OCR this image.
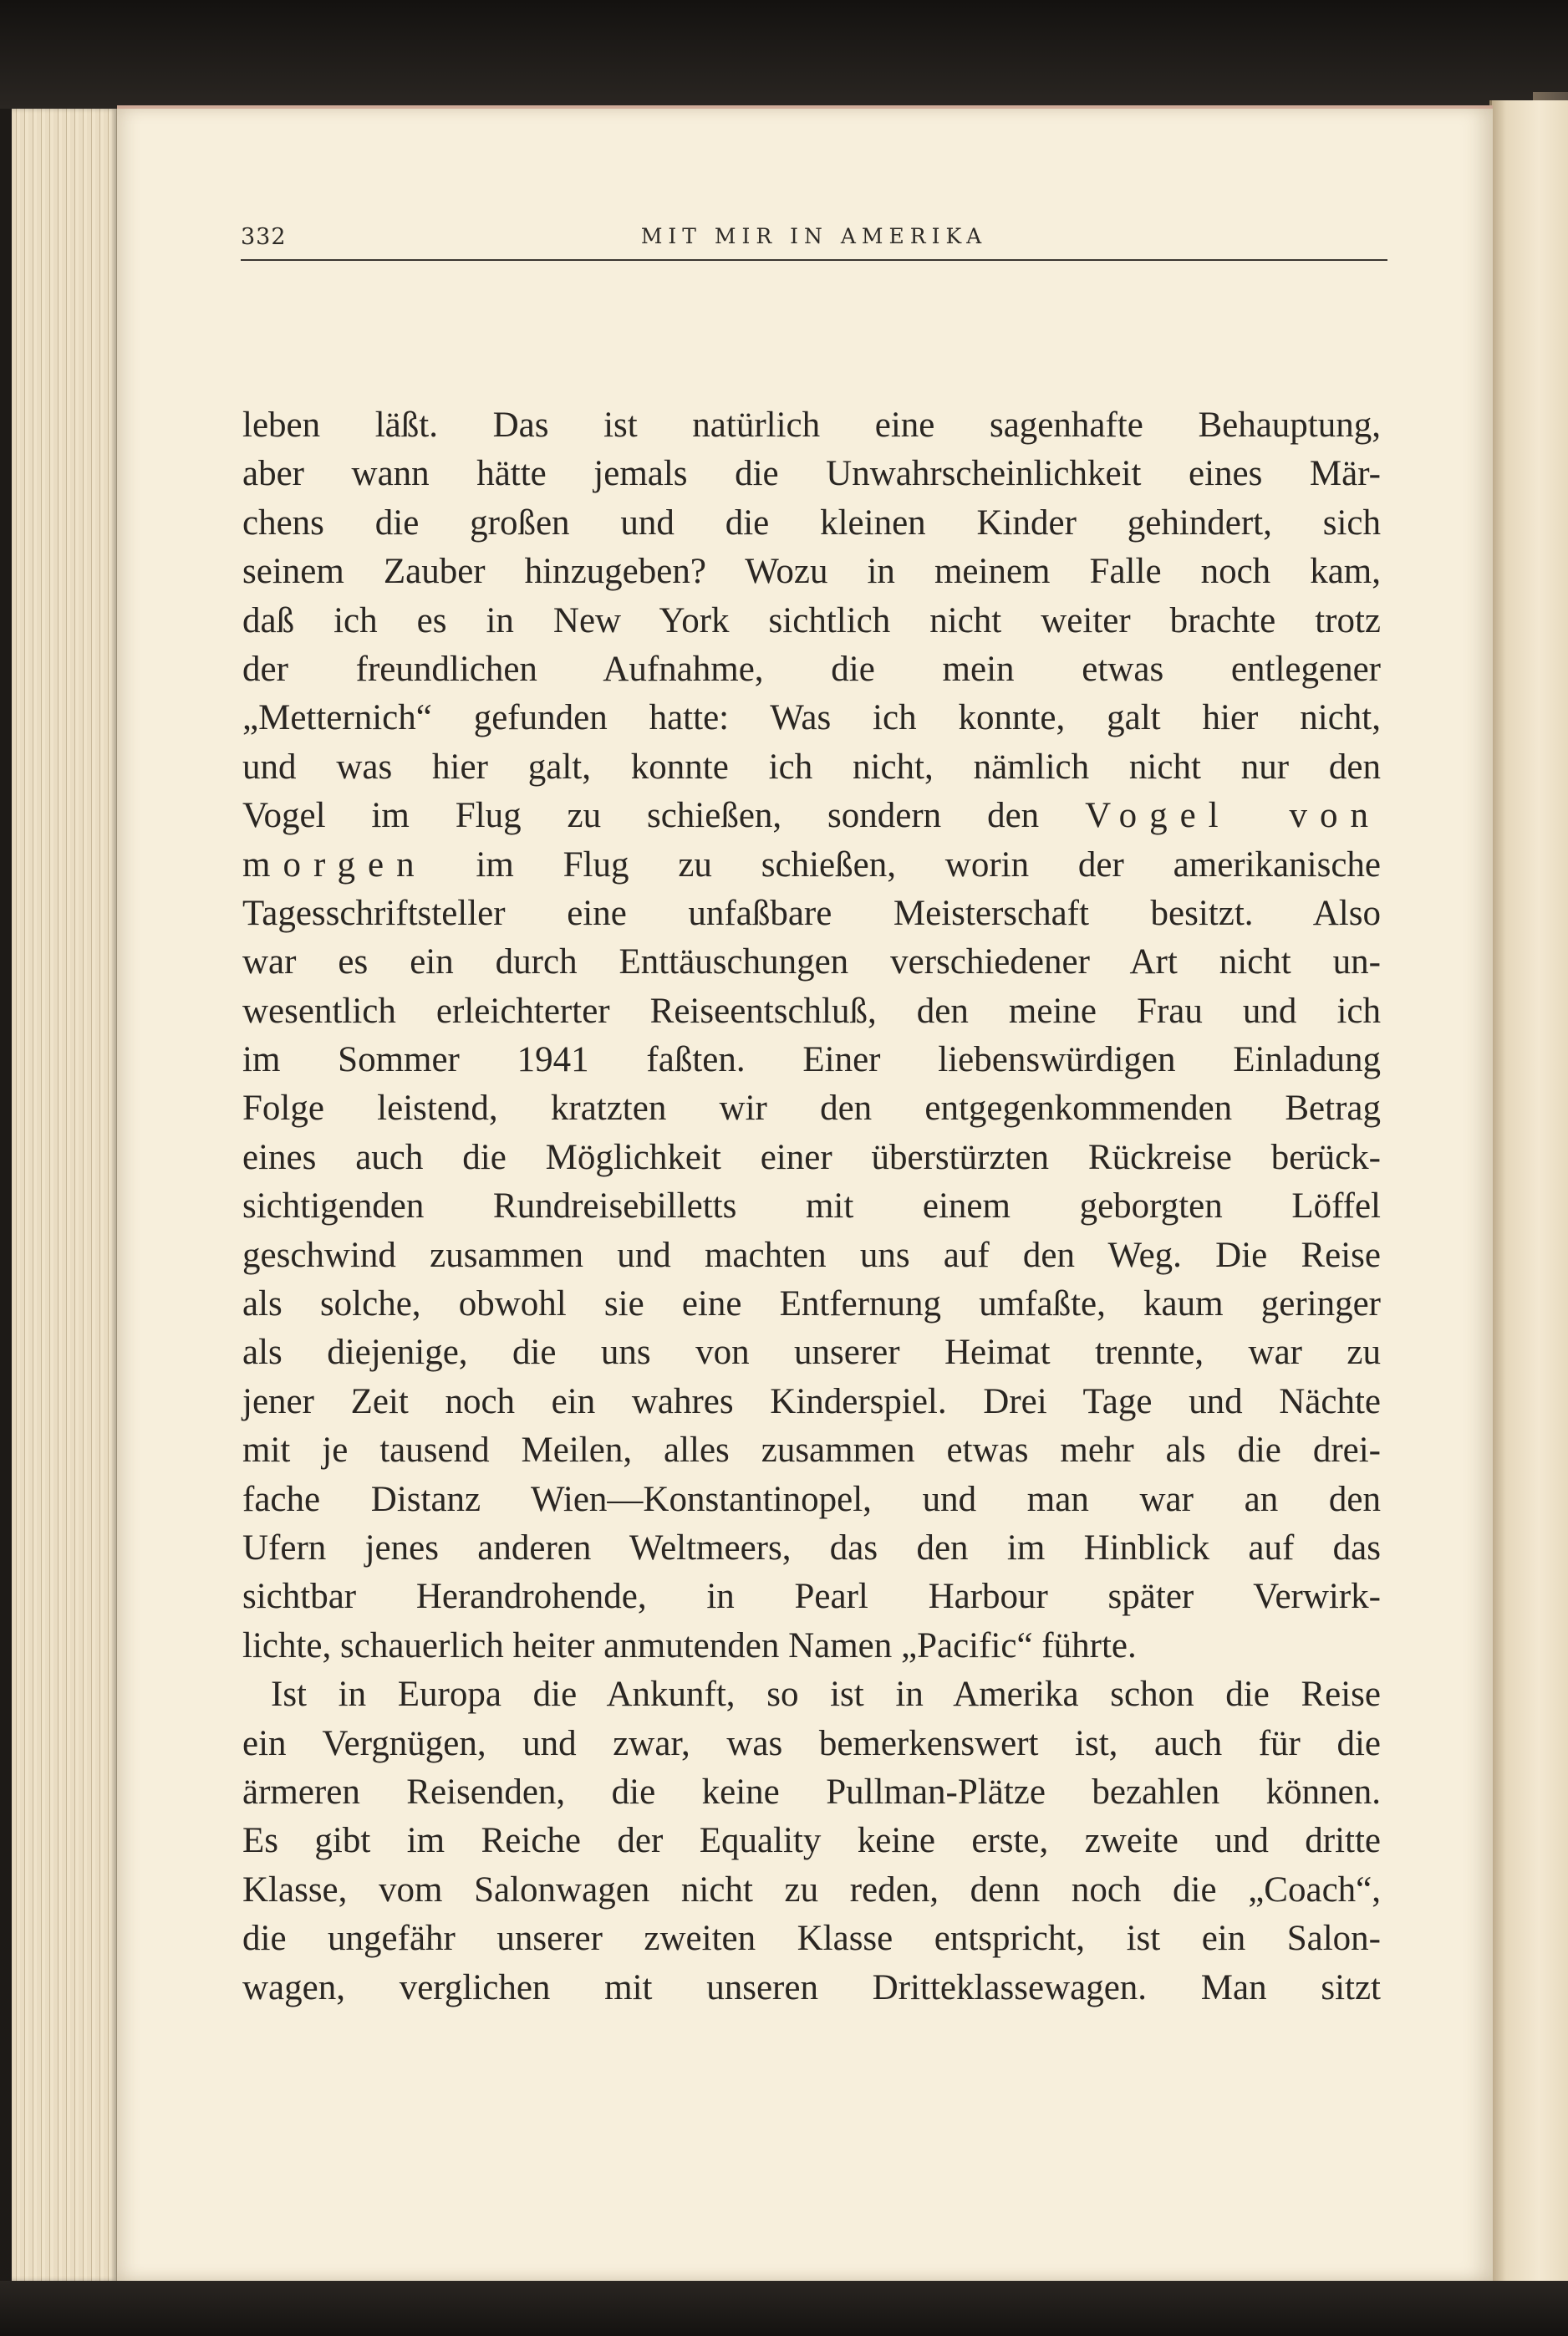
332	MIT MIR IN AMERIKA
leben läßt. Das ist natürlich eine sagenhafte Behauptung,
aber wann hätte jemals die Unwahrscheinlichkeit eines Mär-
chens die großen und die kleinen Kinder gehindert, sich
seinem Zauber hinzugeben? Wozu in meinem Falle noch kam,
daß ich es in New York sichtlich nicht weiter brachte trotz
der freundlichen Aufnahme, die mein etwas entlegener
„Metternich“ gefunden hatte: Was ich konnte, galt hier nicht,
und was hier galt, konnte ich nicht, nämlich nicht nur den
Vogel im Flug zu schießen, sondern den Vogel von
morgen im Flug zu schießen, worin der amerikanische
Tagesschriftsteller eine unfaßbare Meisterschaft besitzt. Also
war es ein durch Enttäuschungen verschiedener Art nicht un-
wesentlich erleichterter Reiseentschluß, den meine Frau und ich
im Sommer 1941 faßten. Einer liebenswürdigen Einladung
Folge leistend, kratzten wir den entgegenkommenden Betrag
eines auch die Möglichkeit einer überstürzten Rückreise berück-
sichtigenden Rundreisebilletts mit einem geborgten Löffel
geschwind zusammen und machten uns auf den Weg. Die Reise
als solche, obwohl sie eine Entfernung umfaßte, kaum geringer
als diejenige, die uns von unserer Heimat trennte, war zu
jener Zeit noch ein wahres Kinderspiel. Drei Tage und Nächte
mit je tausend Meilen, alles zusammen etwas mehr als die drei-
fache Distanz Wien—Konstantinopel, und man war an den
Ufern jenes anderen Weltmeers, das den im Hinblick auf das
sichtbar Herandrohende, in Pearl Harbour später Verwirk-
lichte, schauerlich heiter anmutenden Namen „Pacific“ führte.
Ist in Europa die Ankunft, so ist in Amerika schon die Reise
ein Vergnügen, und zwar, was bemerkenswert ist, auch für die
ärmeren Reisenden, die keine Pullman-Plätze bezahlen können.
Es gibt im Reiche der Equality keine erste, zweite und dritte
Klasse, vom Salonwagen nicht zu reden, denn noch die „Coach“,
die ungefähr unserer zweiten Klasse entspricht, ist ein Salon-
wagen, verglichen mit unseren Dritteklassewagen. Man sitzt
